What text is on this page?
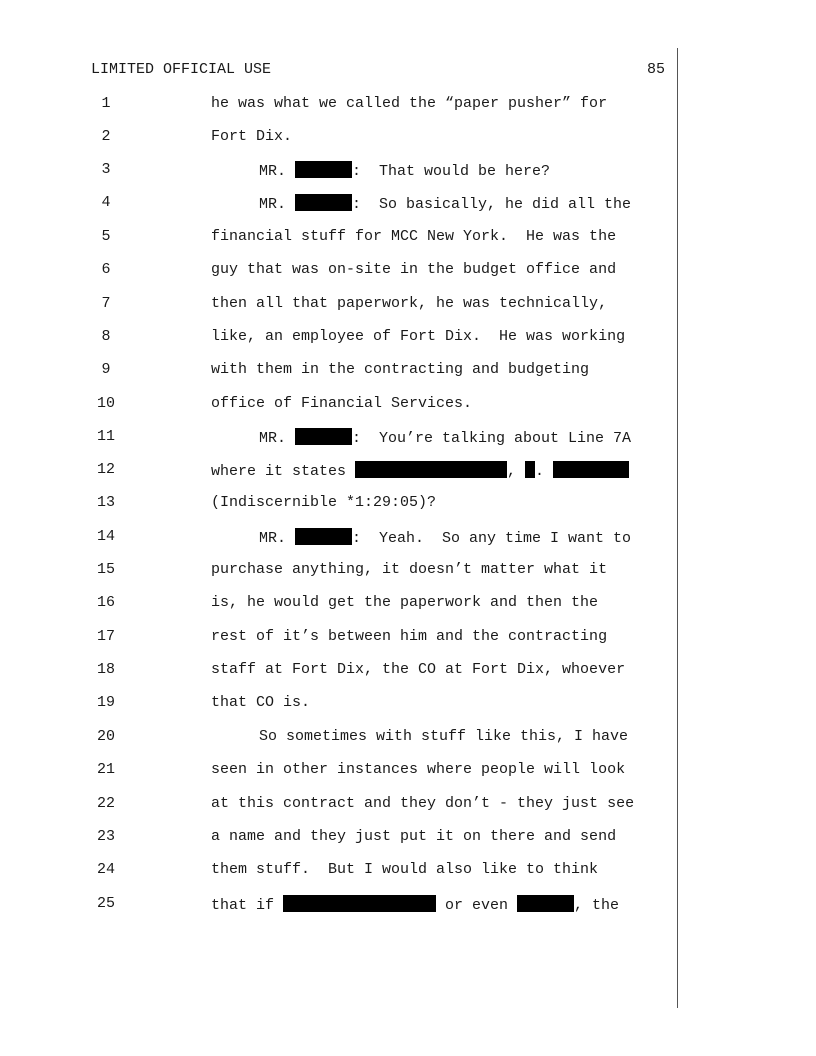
LIMITED OFFICIAL USE	85
1	he was what we called the “paper pusher” for
2	Fort Dix.
3	MR.	:  That would be here?
4	MR.	:  So basically, he did all the
5	financial stuff for MCC New York.  He was the
6	guy that was on-site in the budget office and
7	then all that paperwork, he was technically,
8	like, an employee of Fort Dix.  He was working
9	with them in the contracting and budgeting
10	office of Financial Services.
11	MR.	:  You’re talking about Line 7A
12	where it states	, .
13	(Indiscernible *1:29:05)?
14	MR.	:  Yeah.  So any time I want to
15	purchase anything, it doesn’t matter what it
16	is, he would get the paperwork and then the
17	rest of it’s between him and the contracting
18	staff at Fort Dix, the CO at Fort Dix, whoever
19	that CO is.
20	So sometimes with stuff like this, I have
21	seen in other instances where people will look
22	at this contract and they don’t - they just see
23	a name and they just put it on there and send
24	them stuff.  But I would also like to think
25	that if	or even	, the
